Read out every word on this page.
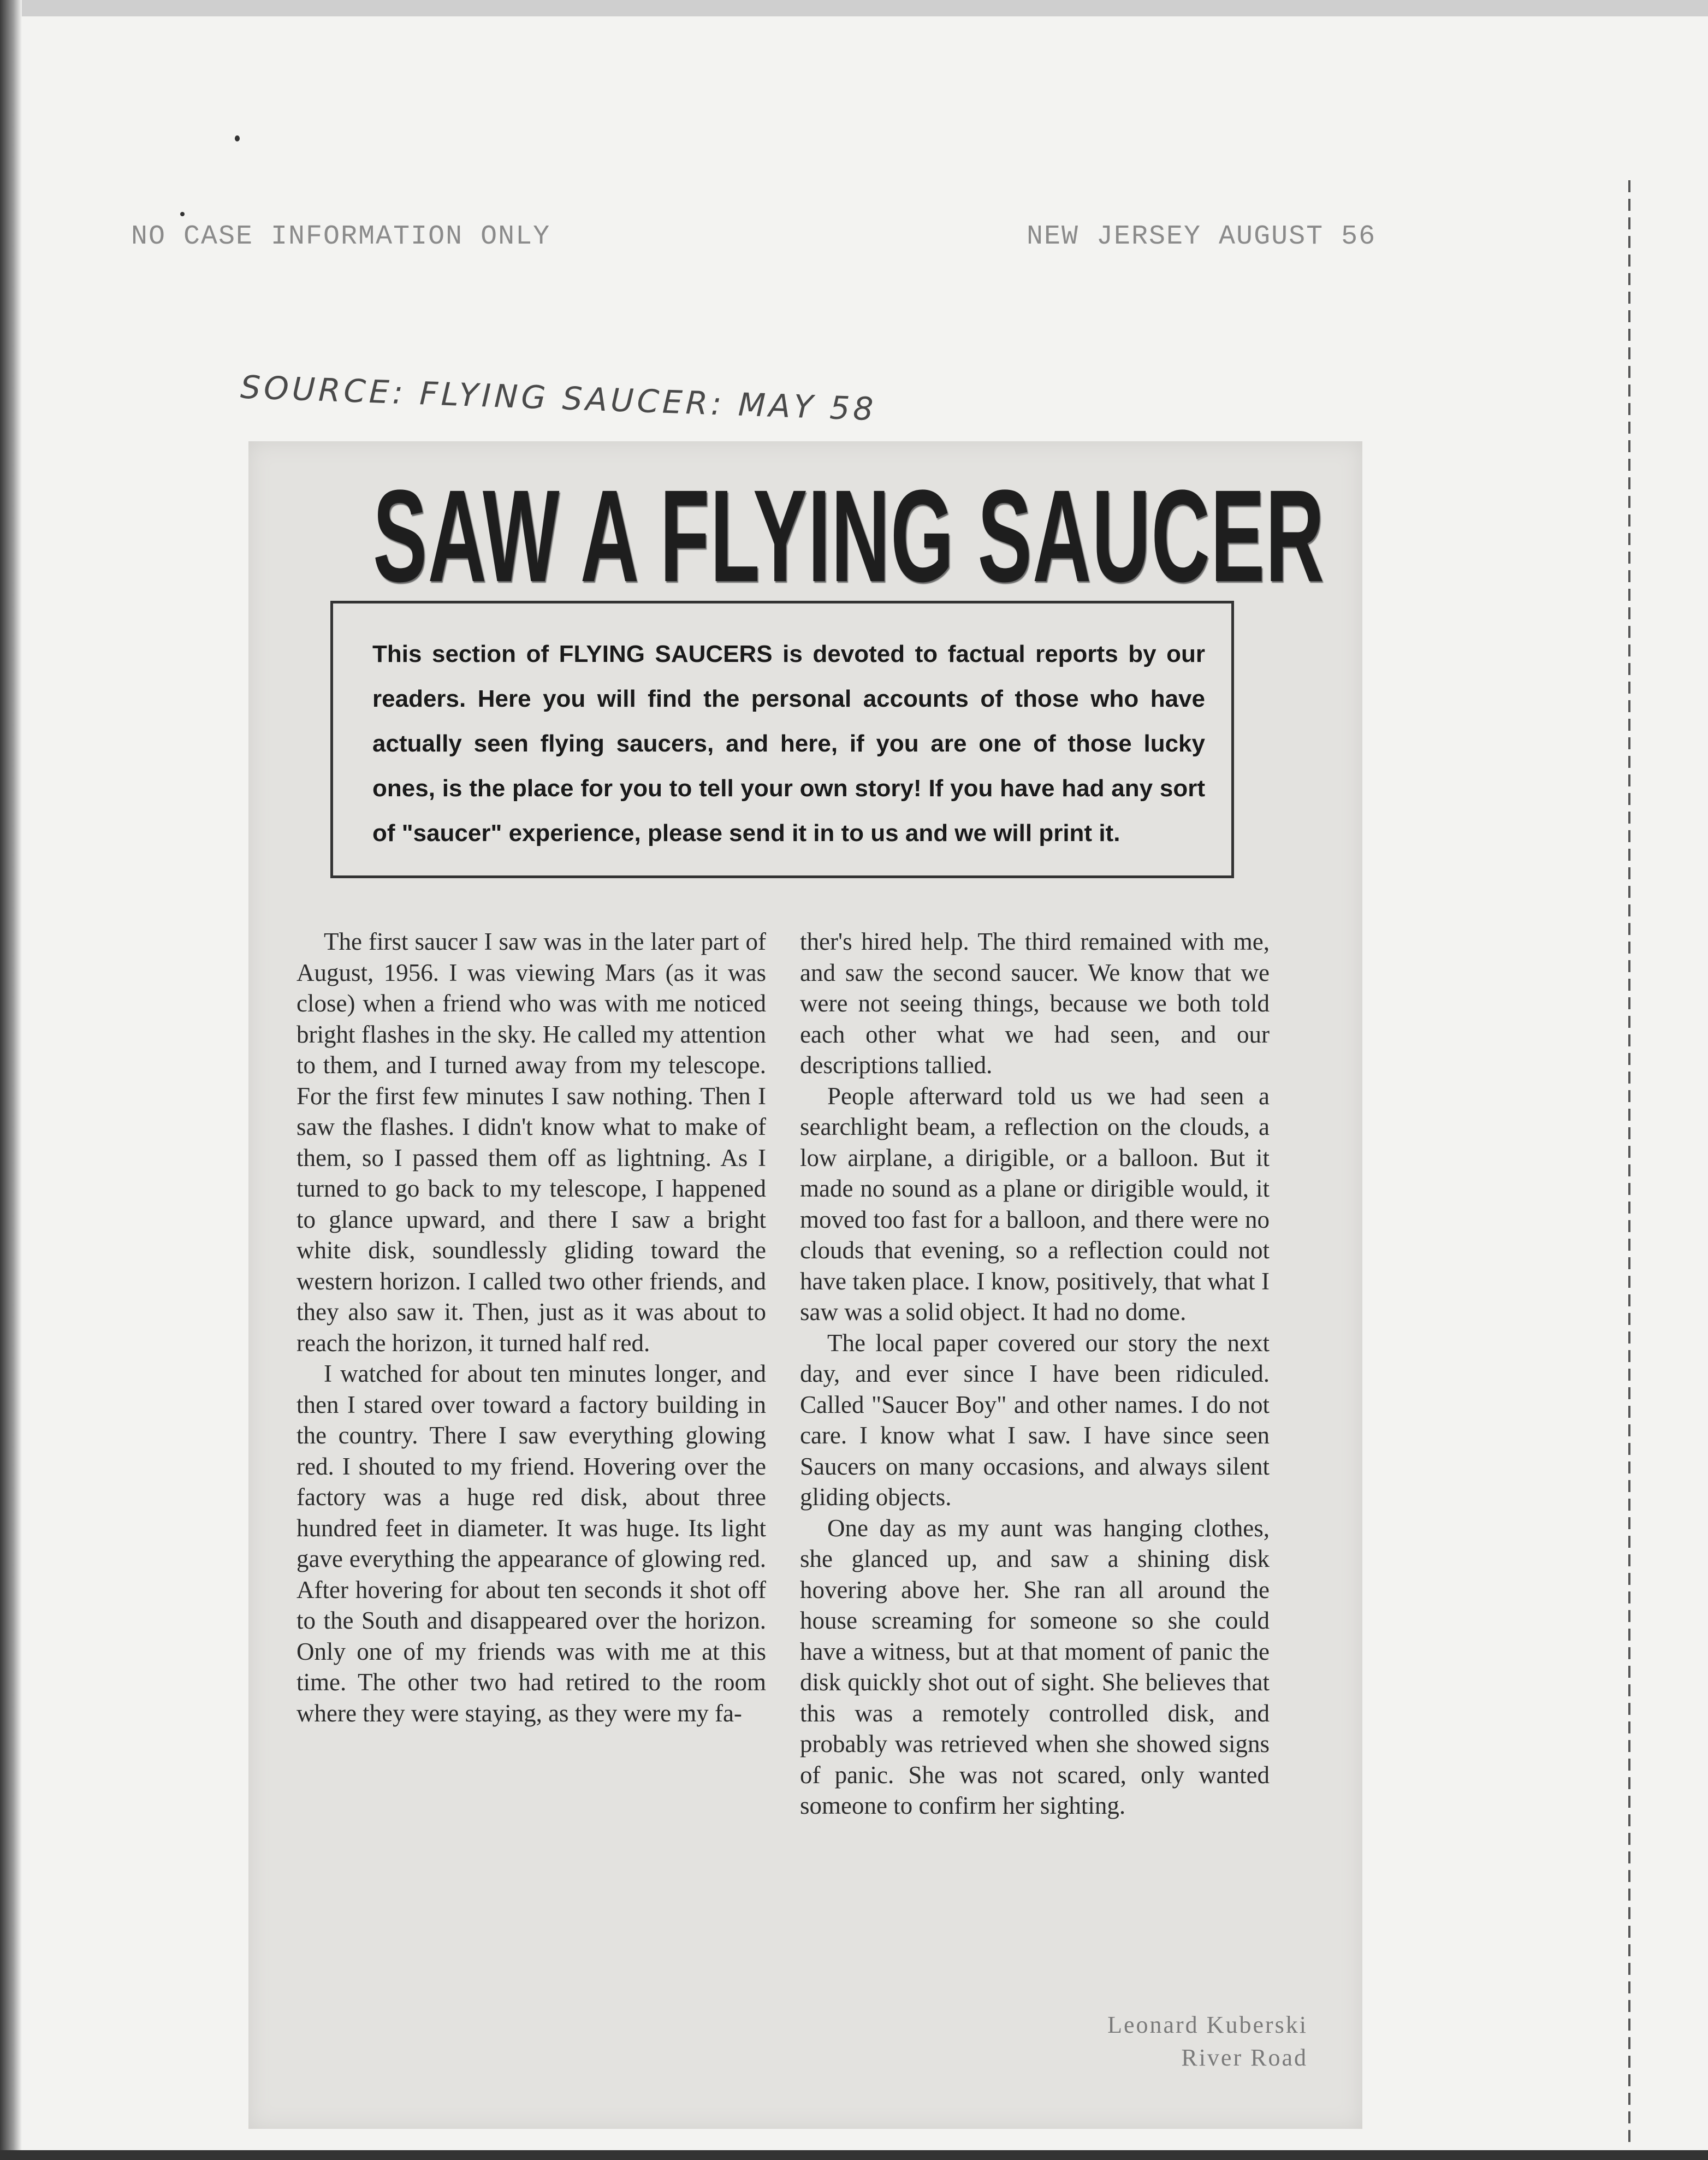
NO CASE INFORMATION ONLY	NEW JERSEY AUGUST 56
SOURCE: FLYING SAUCER: MAY 58
SAW A FLYING SAUCER

This section of FLYING SAUCERS is devoted to factual reports by our readers. Here you will find the personal accounts of those who have actually seen flying saucers, and here, if you are one of those lucky ones, is the place for you to tell your own story! If you have had any sort of "saucer" experience, please send it in to us and we will print it.

The first saucer I saw was in the later part of August, 1956. I was viewing Mars (as it was close) when a friend who was with me noticed bright flashes in the sky. He called my attention to them, and I turned away from my telescope. For the first few minutes I saw nothing. Then I saw the flashes. I didn't know what to make of them, so I passed them off as lightning. As I turned to go back to my telescope, I happened to glance upward, and there I saw a bright white disk, soundlessly gliding toward the western horizon. I called two other friends, and they also saw it. Then, just as it was about to reach the horizon, it turned half red.

I watched for about ten minutes longer, and then I stared over toward a factory building in the country. There I saw everything glowing red. I shouted to my friend. Hovering over the factory was a huge red disk, about three hundred feet in diameter. It was huge. Its light gave everything the appearance of glowing red. After hovering for about ten seconds it shot off to the South and disappeared over the horizon. Only one of my friends was with me at this time. The other two had retired to the room where they were staying, as they were my fa-

ther's hired help. The third remained with me, and saw the second saucer. We know that we were not seeing things, because we both told each other what we had seen, and our descriptions tallied.

People afterward told us we had seen a searchlight beam, a reflection on the clouds, a low airplane, a dirigible, or a balloon. But it made no sound as a plane or dirigible would, it moved too fast for a balloon, and there were no clouds that evening, so a reflection could not have taken place. I know, positively, that what I saw was a solid object. It had no dome.

The local paper covered our story the next day, and ever since I have been ridiculed. Called "Saucer Boy" and other names. I do not care. I know what I saw. I have since seen Saucers on many occasions, and always silent gliding objects.

One day as my aunt was hanging clothes, she glanced up, and saw a shining disk hovering above her. She ran all around the house screaming for someone so she could have a witness, but at that moment of panic the disk quickly shot out of sight. She believes that this was a remotely controlled disk, and probably was retrieved when she showed signs of panic. She was not scared, only wanted someone to confirm her sighting.

Leonard Kuberski
River Road
